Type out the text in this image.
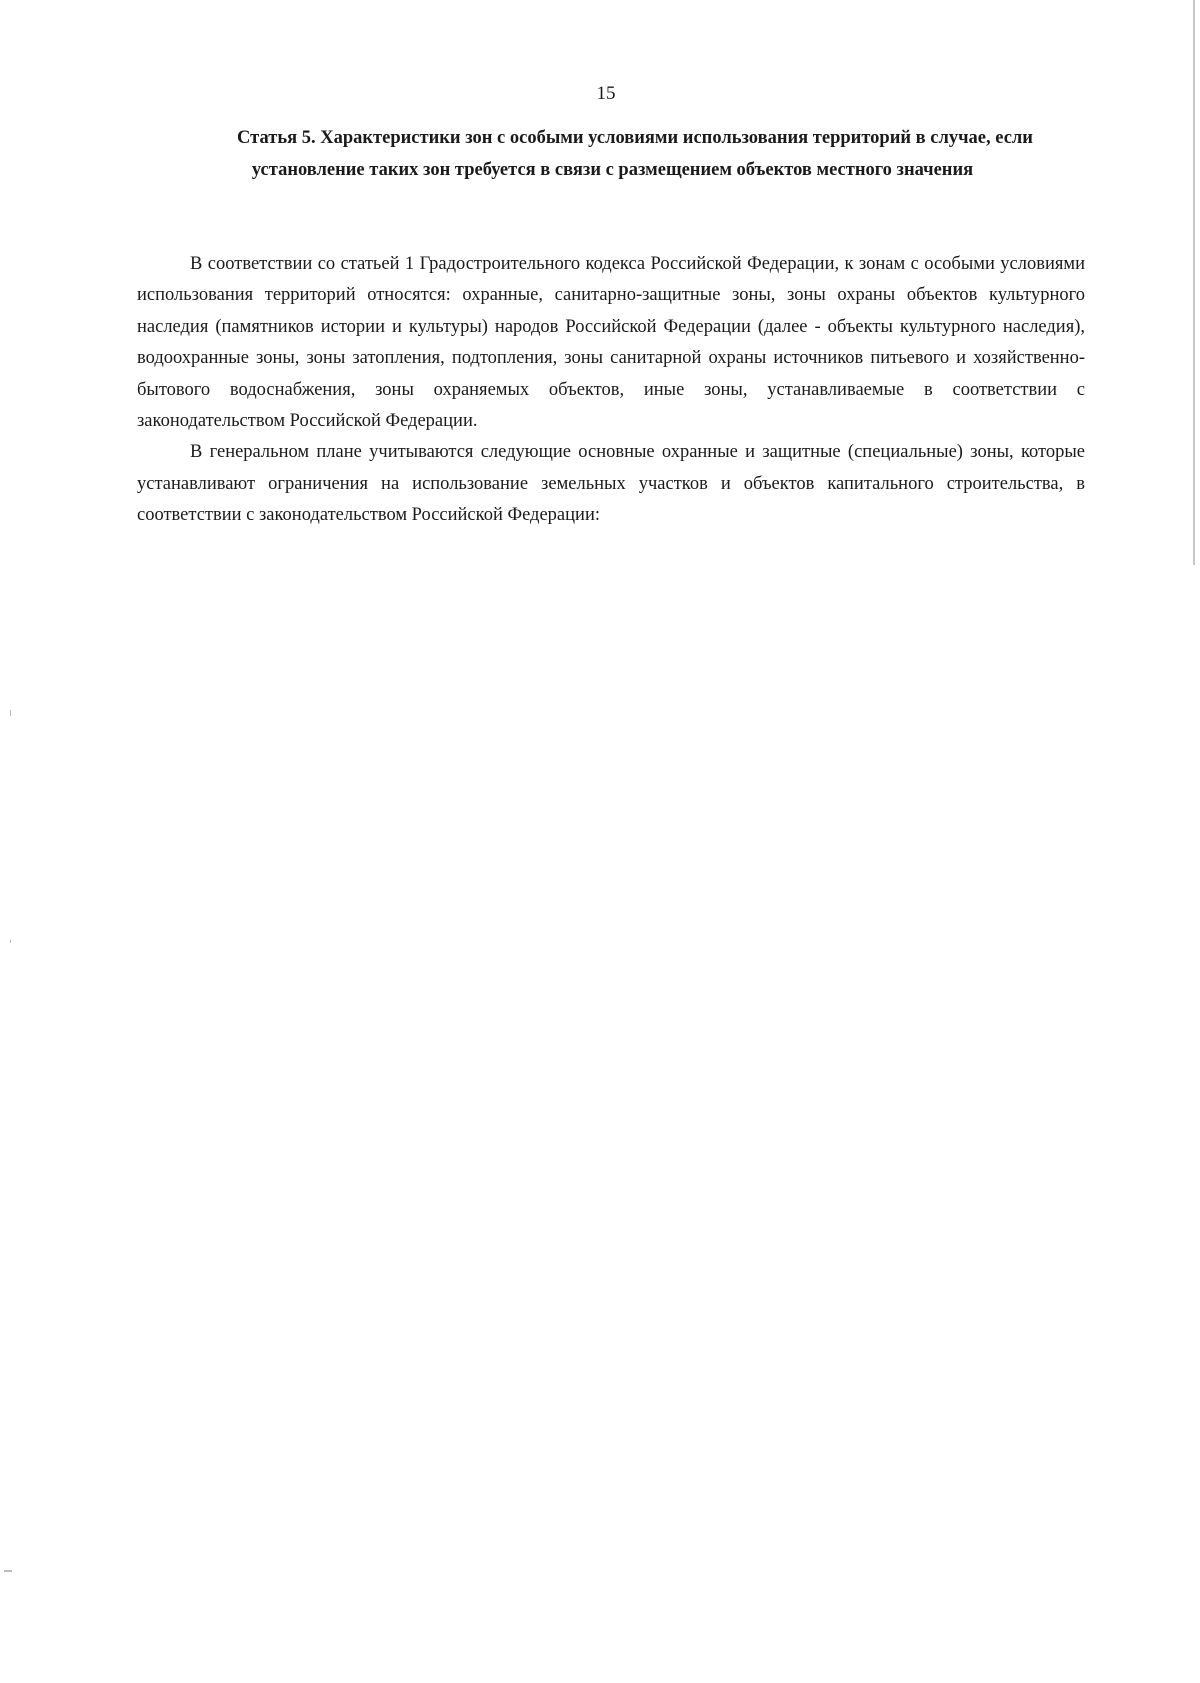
15
Статья 5. Характеристики зон с особыми условиями использования территорий в случае, если установление таких зон требуется в связи с размещением объектов местного значения

В соответствии со статьей 1 Градостроительного кодекса Российской Федерации, к зонам с особыми условиями использования территорий относятся: охранные, санитарно-защитные зоны, зоны охраны объектов культурного наследия (памятников истории и культуры) народов Российской Федерации (далее - объекты культурного наследия), водоохранные зоны, зоны затопления, подтопления, зоны санитарной охраны источников питьевого и хозяйственно-бытового водоснабжения, зоны охраняемых объектов, иные зоны, устанавливаемые в соответствии с законодательством Российской Федерации.

В генеральном плане учитываются следующие основные охранные и защитные (специальные) зоны, которые устанавливают ограничения на использование земельных участков и объектов капитального строительства, в соответствии с законодательством Российской Федерации:
